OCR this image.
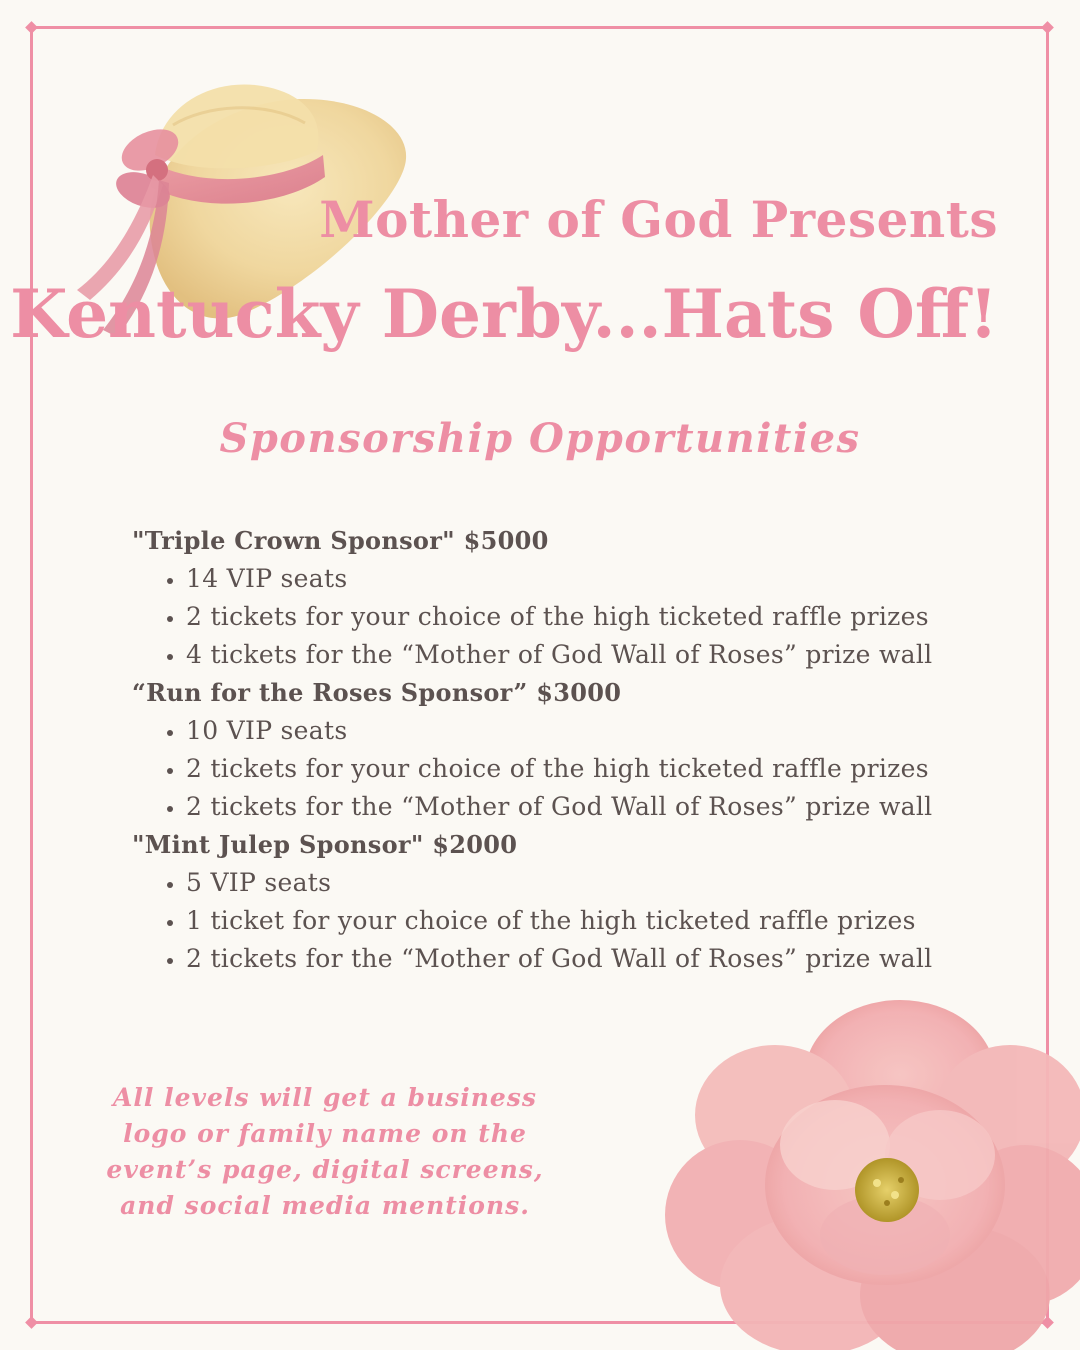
Mother of God Presents
Kentucky Derby...Hats Off!
Sponsorship Opportunities

"Triple Crown Sponsor" $5000

• 14 VIP seats
• 2 tickets for your choice of the high ticketed raffle prizes
• 4 tickets for the “Mother of God Wall of Roses” prize wall

“Run for the Roses Sponsor” $3000

• 10 VIP seats
• 2 tickets for your choice of the high ticketed raffle prizes
• 2 tickets for the “Mother of God Wall of Roses” prize wall

"Mint Julep Sponsor" $2000

• 5 VIP seats
• 1 ticket for your choice of the high ticketed raffle prizes
• 2 tickets for the “Mother of God Wall of Roses” prize wall

All levels will get a business
logo or family name on the
event’s page, digital screens,
and social media mentions.
